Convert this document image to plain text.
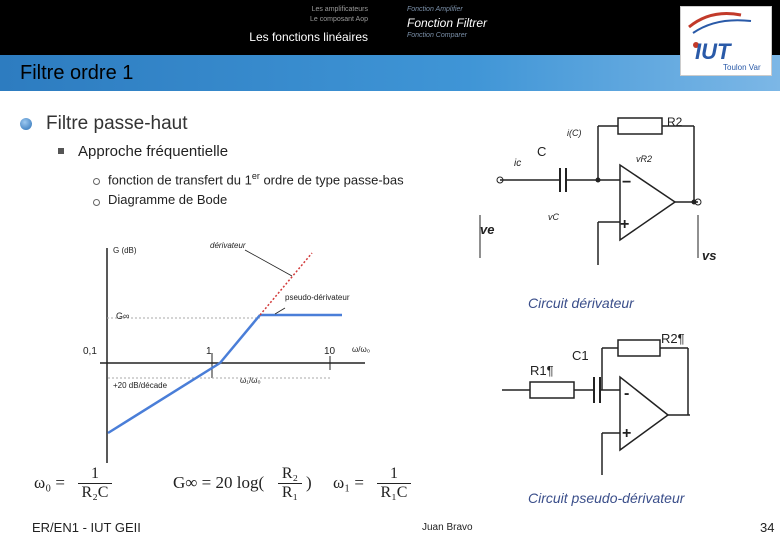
Les amplificateurs
Le composant Aop
Les fonctions linéaires
Fonction Amplifier
Fonction Filtrer
Fonction Comparer
Filtre ordre 1
IUT
Toulon Var
Filtre passe-haut
Approche fréquentielle
fonction de transfert du 1er ordre de type passe-bas
Diagramme de Bode
G (dB)
ω/ω₀
0,1	1	10
G∞
+20 dB/décade
ω₁/ω₀
dérivateur
pseudo-dérivateur
R2
C
ic
i(C)
vR2
vC
ve
vs
−
+
Circuit dérivateur
R2¶
C1
R1¶
-
+
Circuit pseudo-dérivateur
$\omega_0 = \frac{1}{\text{R₂C}}$	G∞ = 20 $\log( \frac{\text{R₂}}{\text{R₁}}$ ) $\omega_1 = \frac{1}{\text{R₁C}}$
ER/EN1 - IUT GEII	Juan Bravo	34
